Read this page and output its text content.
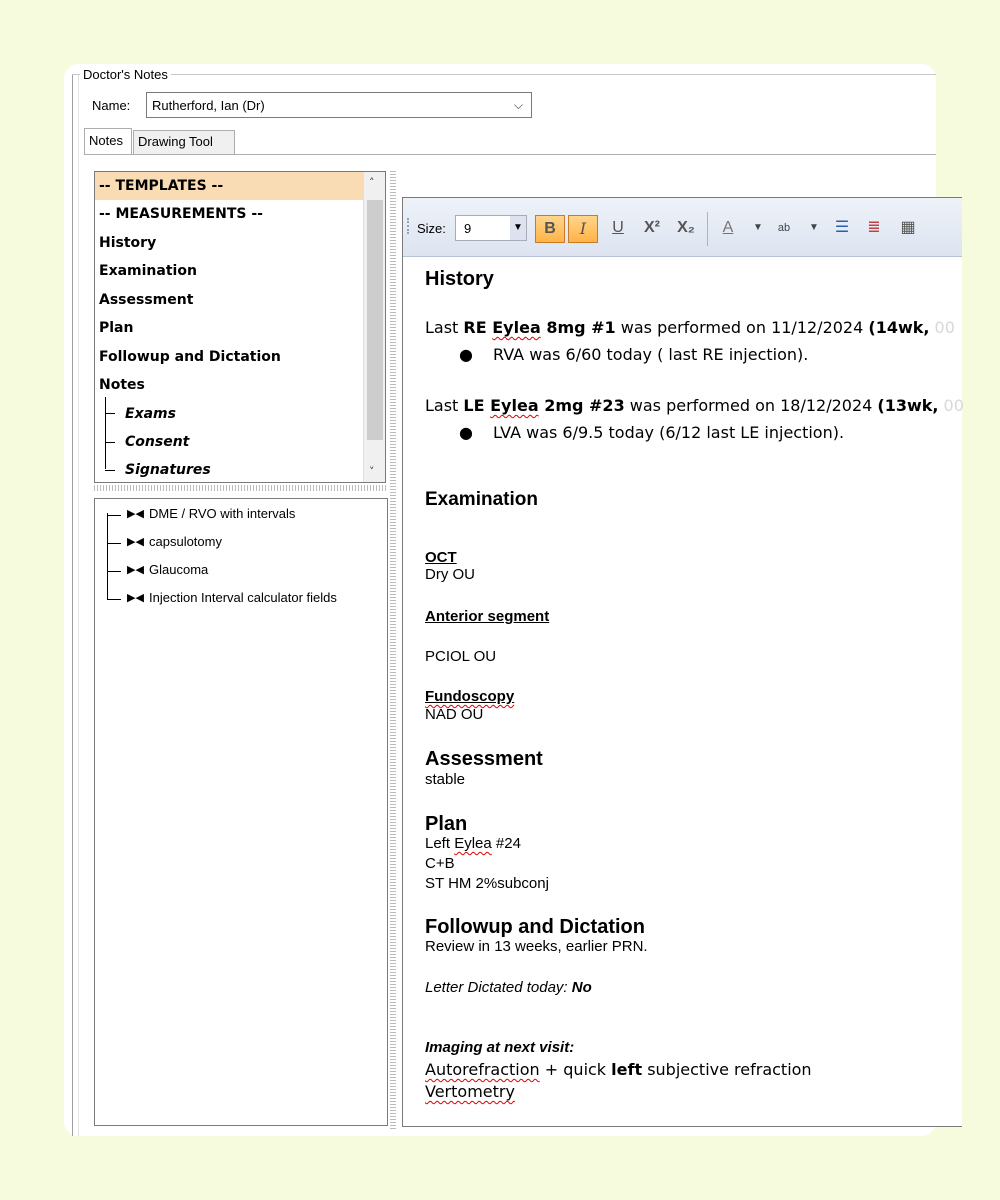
Doctor's Notes
Name: Rutherford, Ian (Dr)	⌵
Notes	Drawing Tool
-- TEMPLATES --
-- MEASUREMENTS --
History
Examination
Assessment
Plan
Followup and Dictation
Notes
Exams
Consent
Signatures
˄
˅
▶◀ DME / RVO with intervals
▶◀ capsulotomy
▶◀ Glaucoma
▶◀ Injection Interval calculator fields
Size: 9	▼	B	I	U	X²	X₂	A	▼	ab	▼ ☰	≣	▦
History
Last RE Eylea 8mg #1 was performed on 11/12/2024 (14wk, 00
● RVA was 6/60 today ( last RE injection).
Last LE Eylea 2mg #23 was performed on 18/12/2024 (13wk, 00
● LVA was 6/9.5 today (6/12 last LE injection).
Examination
OCT
Dry OU
Anterior segment
PCIOL OU
Fundoscopy
NAD OU
Assessment
stable
Plan
Left Eylea #24
C+B
ST HM 2%subconj
Followup and Dictation
Review in 13 weeks, earlier PRN.
Letter Dictated today: No
Imaging at next visit:
Autorefraction + quick left subjective refraction
Vertometry
